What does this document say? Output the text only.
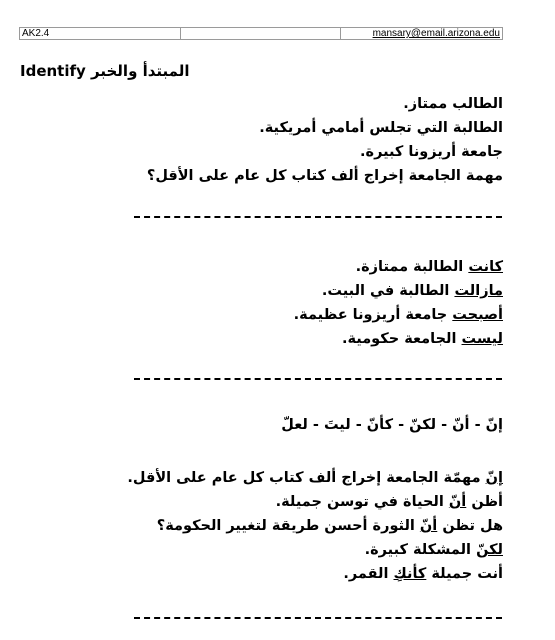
AK2.4	mansary@email.arizona.edu
Identify المبتدأ والخبر
الطالب ممتاز.
الطالبة التي تجلس أمامي أمريكية.
جامعة أريزونا كبيرة.
مهمة الجامعة إخراج ألف كتاب كل عام على الأقل؟
كانت الطالبة ممتازة.
مازالت الطالبة في البيت.
أصبحت جامعة أريزونا عظيمة.
ليست الجامعة حكومية.
إنّ - أنّ - لكنّ - كأنّ - ليتَ - لعلّ
إنّ مهمّة الجامعة إخراج ألف كتاب كل عام على الأقل.
أظن أنّ الحياة في توسن جميلة.
هل تظن أنّ الثورة أحسن طريقة لتغيير الحكومة؟
لكنّ المشكلة كبيرة.
أنت جميلة كأنكِ القمر.
